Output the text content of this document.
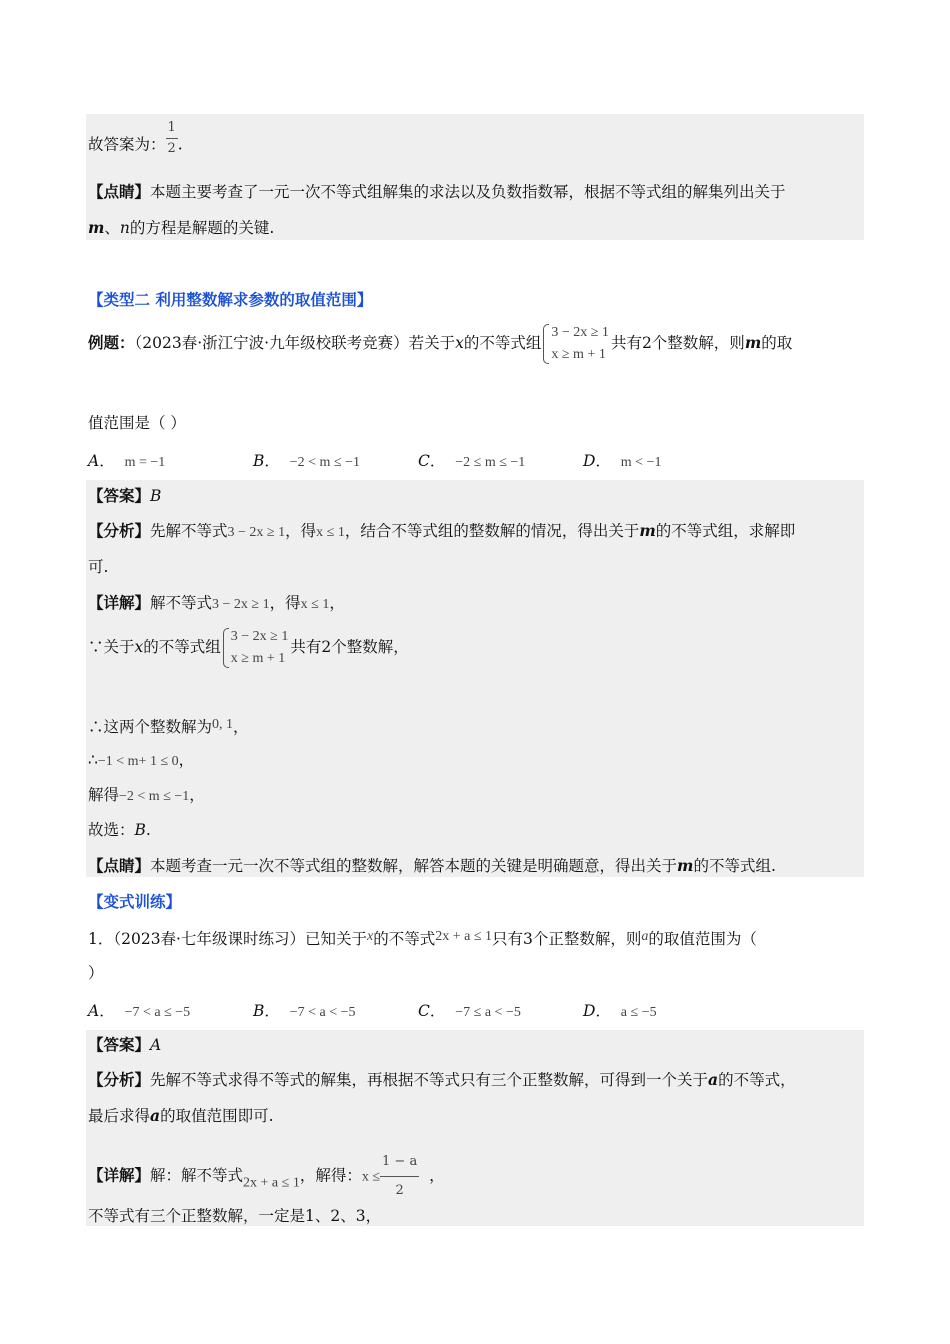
故答案为： $\frac{1}{2}$ .
【点睛】本题主要考查了一元一次不等式组解集的求法以及负数指数幂，根据不等式组的解集列出关于
m、n的方程是解题的关键.
【类型二 利用整数解求参数的取值范围】
例题：（2023春·浙江宁波·九年级校联考竞赛）若关于x的不等式组
3 − 2x ≥ 1
x ≥ m + 1
共有2个整数解，则m的取
值范围是（ ）
A．  m = −1	B．  −2 < m ≤ −1	C．  −2 ≤ m ≤ −1	D．  m < −1
【答案】B
【分析】先解不等式3 − 2x ≥ 1，得x ≤ 1，结合不等式组的整数解的情况，得出关于m的不等式组，求解即
可.
【详解】解不等式3 − 2x ≥ 1，得x ≤ 1，
∵关于x的不等式组
3 − 2x ≥ 1
x ≥ m + 1
共有2个整数解，
∴这两个整数解为0, 1，
∴−1 < m+ 1 ≤ 0，
解得−2 < m ≤ −1，
故选：B.
【点睛】本题考查一元一次不等式组的整数解，解答本题的关键是明确题意，得出关于m的不等式组.
【变式训练】
1．（2023春·七年级课时练习）已知关于x的不等式2x + a ≤ 1只有3个正整数解，则a的取值范围为（
）
A．  −7 < a ≤ −5	B．  −7 < a < −5	C．  −7 ≤ a < −5	D．  a ≤ −5
【答案】A
【分析】先解不等式求得不等式的解集，再根据不等式只有三个正整数解，可得到一个关于a的不等式，
最后求得a的取值范围即可.
【详解】解：解不等式2x + a ≤ 1，解得：$x \le \frac{1 - a}{2}$ ，
不等式有三个正整数解，一定是1、2、3，
